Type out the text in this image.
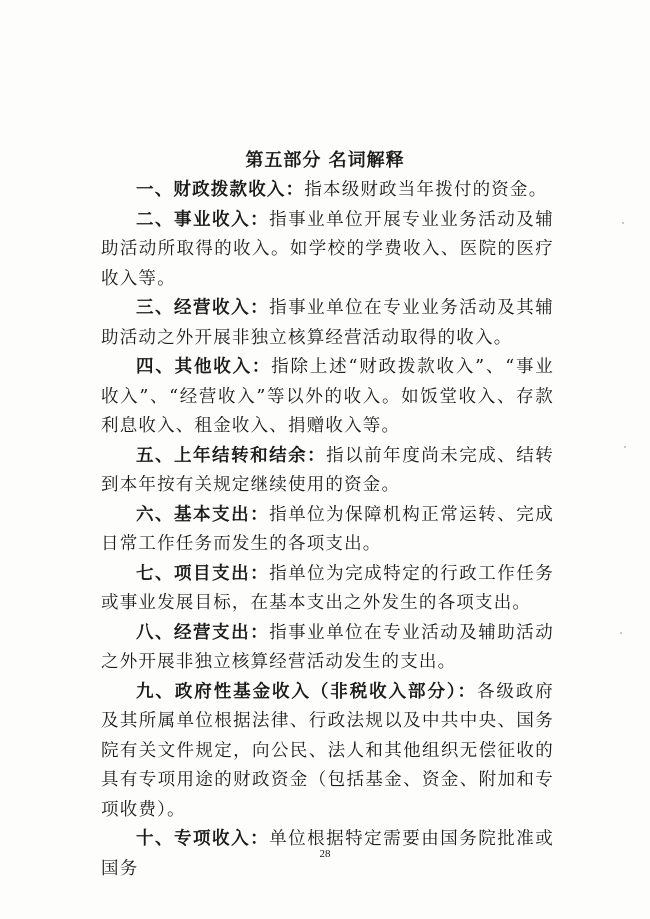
第五部分 名词解释

一、财政拨款收入：指本级财政当年拨付的资金。

二、事业收入：指事业单位开展专业业务活动及辅助活动所取得的收入。如学校的学费收入、医院的医疗收入等。

三、经营收入：指事业单位在专业业务活动及其辅助活动之外开展非独立核算经营活动取得的收入。

四、其他收入：指除上述“财政拨款收入”、“事业收入”、“经营收入”等以外的收入。如饭堂收入、存款利息收入、租金收入、捐赠收入等。

五、上年结转和结余：指以前年度尚未完成、结转到本年按有关规定继续使用的资金。

六、基本支出：指单位为保障机构正常运转、完成日常工作任务而发生的各项支出。

七、项目支出：指单位为完成特定的行政工作任务或事业发展目标，在基本支出之外发生的各项支出。

八、经营支出：指事业单位在专业活动及辅助活动之外开展非独立核算经营活动发生的支出。

九、政府性基金收入（非税收入部分）：各级政府及其所属单位根据法律、行政法规以及中共中央、国务院有关文件规定，向公民、法人和其他组织无偿征收的具有专项用途的财政资金（包括基金、资金、附加和专项收费）。

十、专项收入：单位根据特定需要由国务院批准或国务

28
